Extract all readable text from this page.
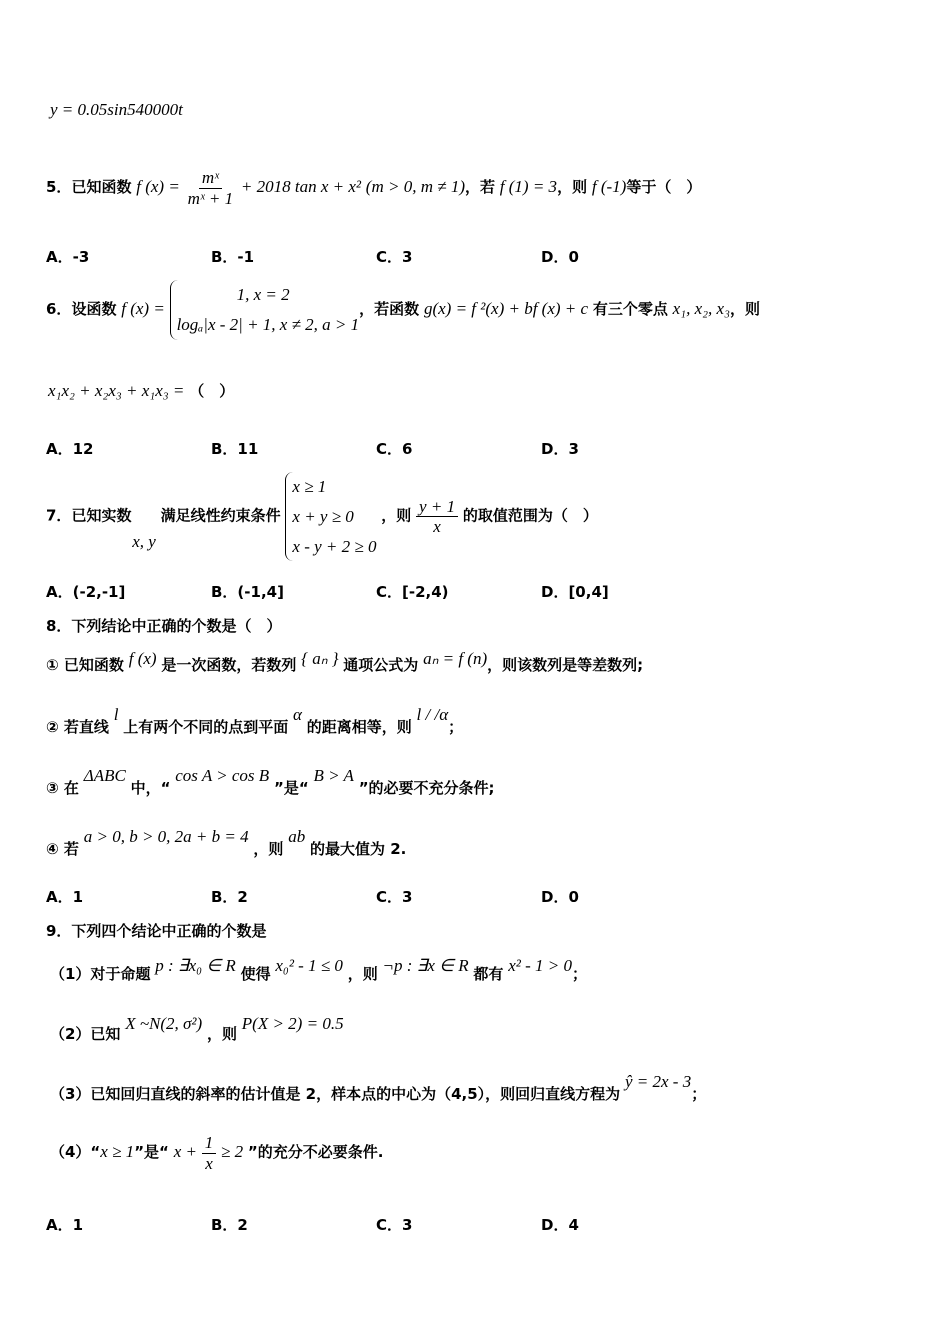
y = 0.05sin540000t
5．已知函数 f $(x) = \frac{\text{mˣ}}{\text{mˣ + 1}} + 2018$ tan x + x² (m > 0, m ≠ 1)，若 f (1) = 3，则 f (-1)等于（　）
A．-3	B．-1	C．3	D．0
6．设函数 f (x) =
1, x = 2
logₐ|x - 2| + 1, x ≠ 2, a > 1
，若函数 g(x) = f ²(x) + bf (x) + c 有三个零点 x₁, x₂, x₃，则
x₁x₂ + x₂x₃ + x₁x₃ = （　）
A．12	B．11	C．6	D．3
7．已知实数 x, y 满足线性约束条件
x ≥ 1
x + y ≥ 0
x - y + 2 ≥ 0
，则 $\frac{y + 1}{x}$ 的取值范围为（　）
A．(-2,-1]	B．(-1,4]	C．[-2,4)	D．[0,4]
8．下列结论中正确的个数是（　）
① 已知函数 f (x) 是一次函数，若数列 { aₙ } 通项公式为 aₙ = f (n)，则该数列是等差数列;
② 若直线 l 上有两个不同的点到平面 α 的距离相等，则 l / /α；
③ 在 ΔABC 中，“ cos A > cos B ”是“ B > A ”的必要不充分条件;
④ 若 a > 0, b > 0, 2a + b = 4 ，则 ab 的最大值为 2.
A．1	B．2	C．3	D．0
9．下列四个结论中正确的个数是
（1）对于命题 p : ∃x₀ ∈ R 使得 x₀² - 1 ≤ 0 ，则 ¬p : ∃x ∈ R 都有 x² - 1 > 0；
（2）已知 X ~N(2, σ²) ，则 P(X > 2) = 0.5
（3）已知回归直线的斜率的估计值是 2，样本点的中心为（4,5），则回归直线方程为 ŷ = 2x - 3；
（4）“x ≥ 1”是“ $x + \frac{1}{x} \ge 2$ ”的充分不必要条件.
A．1	B．2	C．3	D．4
